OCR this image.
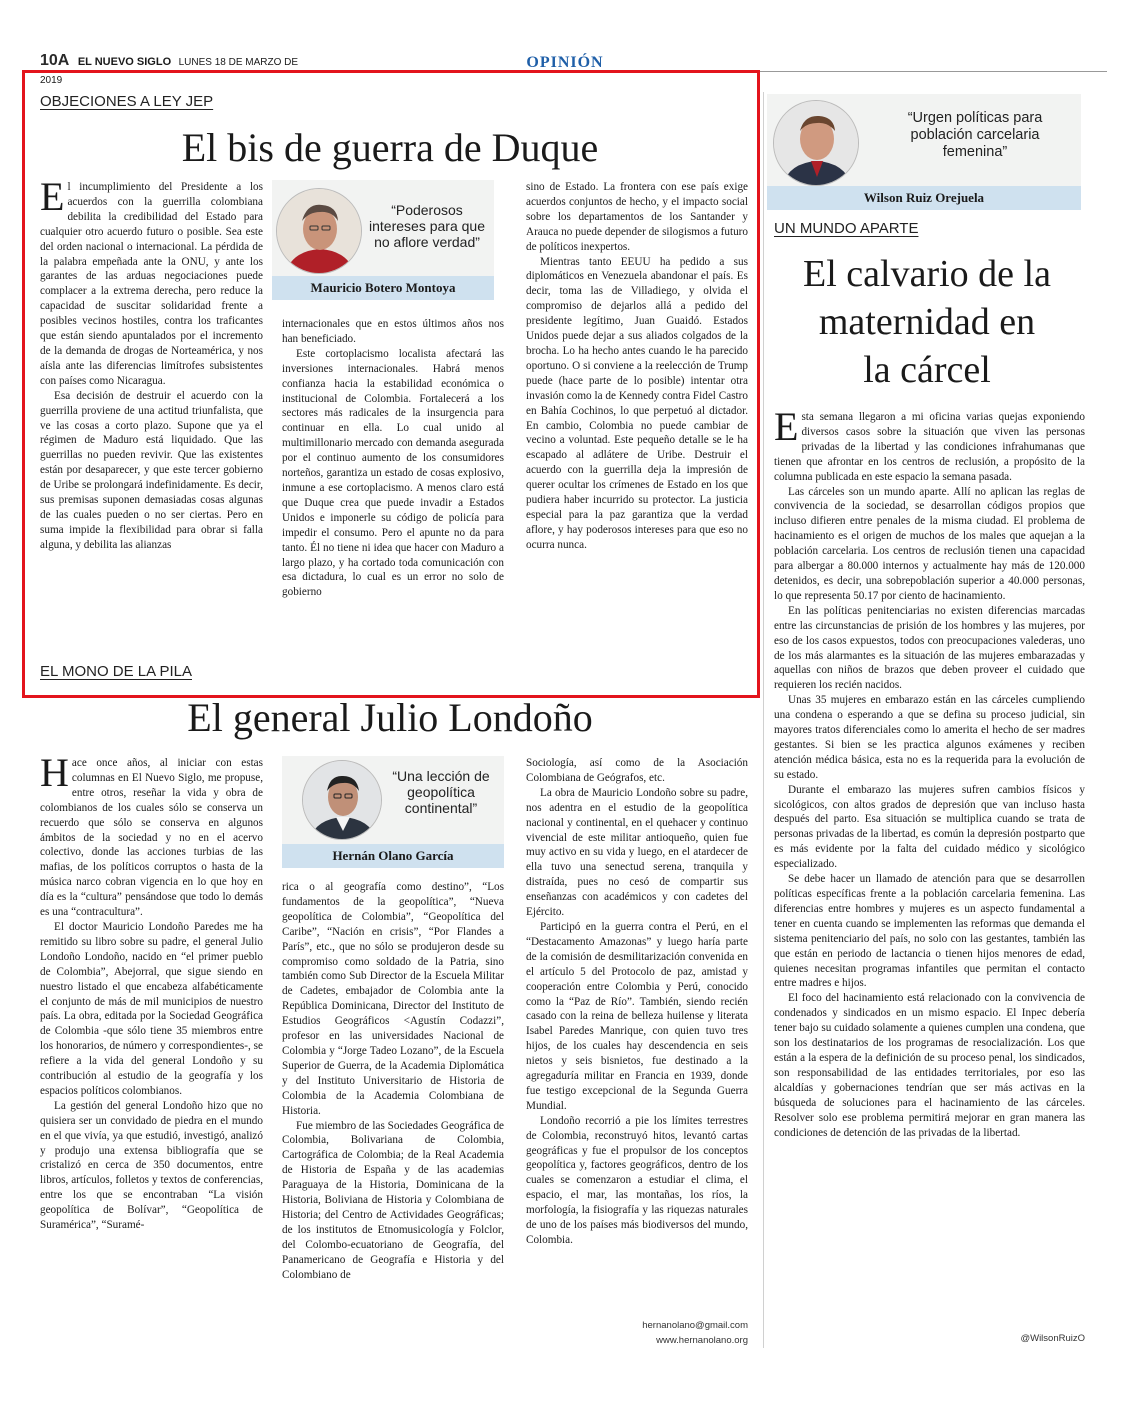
10A EL NUEVO SIGLO LUNES 18 DE MARZO DE 2019
OPINIÓN
OBJECIONES A LEY JEP
El bis de guerra de Duque

El incumplimiento del Presidente a los acuerdos con la guerrilla colombiana debilita la credibilidad del Estado para cualquier otro acuerdo futuro o posible. Sea este del orden nacional o internacional. La pérdida de la palabra empeñada ante la ONU, y ante los garantes de las arduas negociaciones puede complacer a la extrema derecha, pero reduce la capacidad de suscitar solidaridad frente a posibles vecinos hostiles, contra los traficantes que están siendo apuntalados por el incremento de la demanda de drogas de Norteamérica, y nos aísla ante las diferencias limítrofes subsistentes con países como Nicaragua.

Esa decisión de destruir el acuerdo con la guerrilla proviene de una actitud triunfalista, que ve las cosas a corto plazo. Supone que ya el régimen de Maduro está liquidado. Que las guerrillas no pueden revivir. Que las existentes están por desaparecer, y que este tercer gobierno de Uribe se prolongará indefinidamente. Es decir, sus premisas suponen demasiadas cosas algunas de las cuales pueden o no ser ciertas. Pero en suma impide la flexibilidad para obrar si falla alguna, y debilita las alianzas

“Poderosos intereses para que no aflore verdad”
Mauricio Botero Montoya

internacionales que en estos últimos años nos han beneficiado.

Este cortoplacismo localista afectará las inversiones internacionales. Habrá menos confianza hacia la estabilidad económica o institucional de Colombia. Fortalecerá a los sectores más radicales de la insurgencia para continuar en ella. Lo cual unido al multimillonario mercado con demanda asegurada por el continuo aumento de los consumidores norteños, garantiza un estado de cosas explosivo, inmune a ese cortoplacismo. A menos claro está que Duque crea que puede invadir a Estados Unidos e imponerle su código de policía para impedir el consumo. Pero el apunte no da para tanto. Él no tiene ni idea que hacer con Maduro a largo plazo, y ha cortado toda comunicación con esa dictadura, lo cual es un error no solo de gobierno

sino de Estado. La frontera con ese país exige acuerdos conjuntos de hecho, y el impacto social sobre los departamentos de los Santander y Arauca no puede depender de silogismos a futuro de políticos inexpertos.

Mientras tanto EEUU ha pedido a sus diplomáticos en Venezuela abandonar el país. Es decir, toma las de Villadiego, y olvida el compromiso de dejarlos allá a pedido del presidente legítimo, Juan Guaidó. Estados Unidos puede dejar a sus aliados colgados de la brocha. Lo ha hecho antes cuando le ha parecido oportuno. O si conviene a la reelección de Trump puede (hace parte de lo posible) intentar otra invasión como la de Kennedy contra Fidel Castro en Bahía Cochinos, lo que perpetuó al dictador. En cambio, Colombia no puede cambiar de vecino a voluntad. Este pequeño detalle se le ha escapado al adlátere de Uribe. Destruir el acuerdo con la guerrilla deja la impresión de querer ocultar los crímenes de Estado en los que pudiera haber incurrido su protector. La justicia especial para la paz garantiza que la verdad aflore, y hay poderosos intereses para que eso no ocurra nunca.

EL MONO DE LA PILA
El general Julio Londoño

Hace once años, al iniciar con estas columnas en El Nuevo Siglo, me propuse, entre otros, reseñar la vida y obra de colombianos de los cuales sólo se conserva un recuerdo que sólo se conserva en algunos ámbitos de la sociedad y no en el acervo colectivo, donde las acciones turbias de las mafias, de los políticos corruptos o hasta de la música narco cobran vigencia en lo que hoy en día es la “cultura” pensándose que todo lo demás es una “contracultura”.

El doctor Mauricio Londoño Paredes me ha remitido su libro sobre su padre, el general Julio Londoño Londoño, nacido en “el primer pueblo de Colombia”, Abejorral, que sigue siendo en nuestro listado el que encabeza alfabéticamente el conjunto de más de mil municipios de nuestro país. La obra, editada por la Sociedad Geográfica de Colombia -que sólo tiene 35 miembros entre los honorarios, de número y correspondientes-, se refiere a la vida del general Londoño y su contribución al estudio de la geografía y los espacios políticos colombianos.

La gestión del general Londoño hizo que no quisiera ser un convidado de piedra en el mundo en el que vivía, ya que estudió, investigó, analizó y produjo una extensa bibliografía que se cristalizó en cerca de 350 documentos, entre libros, artículos, folletos y textos de conferencias, entre los que se encontraban “La visión geopolítica de Bolívar”, “Geopolítica de Suramérica”, “Suramé-

“Una lección de geopolítica continental”
Hernán Olano García

rica o al geografía como destino”, “Los fundamentos de la geopolítica”, “Nueva geopolítica de Colombia”, “Geopolítica del Caribe”, “Nación en crisis”, “Por Flandes a París”, etc., que no sólo se produjeron desde su compromiso como soldado de la Patria, sino también como Sub Director de la Escuela Militar de Cadetes, embajador de Colombia ante la República Dominicana, Director del Instituto de Estudios Geográficos <Agustín Codazzi”, profesor en las universidades Nacional de Colombia y “Jorge Tadeo Lozano”, de la Escuela Superior de Guerra, de la Academia Diplomática y del Instituto Universitario de Historia de Colombia de la Academia Colombiana de Historia.

Fue miembro de las Sociedades Geográfica de Colombia, Bolivariana de Colombia, Cartográfica de Colombia; de la Real Academia de Historia de España y de las academias Paraguaya de la Historia, Dominicana de la Historia, Boliviana de Historia y Colombiana de Historia; del Centro de Actividades Geográficas; de los institutos de Etnomusicología y Folclor, del Colombo-ecuatoriano de Geografía, del Panamericano de Geografía e Historia y del Colombiano de

Sociología, así como de la Asociación Colombiana de Geógrafos, etc.

La obra de Mauricio Londoño sobre su padre, nos adentra en el estudio de la geopolítica nacional y continental, en el quehacer y continuo vivencial de este militar antioqueño, quien fue muy activo en su vida y luego, en el atardecer de ella tuvo una senectud serena, tranquila y distraída, pues no cesó de compartir sus enseñanzas con académicos y con cadetes del Ejército.

Participó en la guerra contra el Perú, en el “Destacamento Amazonas” y luego haría parte de la comisión de desmilitarización convenida en el artículo 5 del Protocolo de paz, amistad y cooperación entre Colombia y Perú, conocido como la “Paz de Río”. También, siendo recién casado con la reina de belleza huilense y literata Isabel Paredes Manrique, con quien tuvo tres hijos, de los cuales hay descendencia en seis nietos y seis bisnietos, fue destinado a la agregaduría militar en Francia en 1939, donde fue testigo excepcional de la Segunda Guerra Mundial.

Londoño recorrió a pie los límites terrestres de Colombia, reconstruyó hitos, levantó cartas geográficas y fue el propulsor de los conceptos geopolítica y, factores geográficos, dentro de los cuales se comenzaron a estudiar el clima, el espacio, el mar, las montañas, los ríos, la morfología, la fisiografía y las riquezas naturales de uno de los países más biodiversos del mundo, Colombia.

hernanolano@gmail.com
www.hernanolano.org
“Urgen políticas para población carcelaria femenina”
Wilson Ruiz Orejuela
UN MUNDO APARTE
El calvario de la
maternidad en
la cárcel

Esta semana llegaron a mi oficina varias quejas exponiendo diversos casos sobre la situación que viven las personas privadas de la libertad y las condiciones infrahumanas que tienen que afrontar en los centros de reclusión, a propósito de la columna publicada en este espacio la semana pasada.

Las cárceles son un mundo aparte. Allí no aplican las reglas de convivencia de la sociedad, se desarrollan códigos propios que incluso difieren entre penales de la misma ciudad. El problema de hacinamiento es el origen de muchos de los males que aquejan a la población carcelaria. Los centros de reclusión tienen una capacidad para albergar a 80.000 internos y actualmente hay más de 120.000 detenidos, es decir, una sobrepoblación superior a 40.000 personas, lo que representa 50.17 por ciento de hacinamiento.

En las políticas penitenciarias no existen diferencias marcadas entre las circunstancias de prisión de los hombres y las mujeres, por eso de los casos expuestos, todos con preocupaciones valederas, uno de los más alarmantes es la situación de las mujeres embarazadas y aquellas con niños de brazos que deben proveer el cuidado que requieren los recién nacidos.

Unas 35 mujeres en embarazo están en las cárceles cumpliendo una condena o esperando a que se defina su proceso judicial, sin mayores tratos diferenciales como lo amerita el hecho de ser madres gestantes. Si bien se les practica algunos exámenes y reciben atención médica básica, esta no es la requerida para la evolución de su estado.

Durante el embarazo las mujeres sufren cambios físicos y sicológicos, con altos grados de depresión que van incluso hasta después del parto. Esa situación se multiplica cuando se trata de personas privadas de la libertad, es común la depresión postparto que es más evidente por la falta del cuidado médico y sicológico especializado.

Se debe hacer un llamado de atención para que se desarrollen políticas específicas frente a la población carcelaria femenina. Las diferencias entre hombres y mujeres es un aspecto fundamental a tener en cuenta cuando se implementen las reformas que demanda el sistema penitenciario del país, no solo con las gestantes, también las que están en periodo de lactancia o tienen hijos menores de edad, quienes necesitan programas infantiles que permitan el contacto entre madres e hijos.

El foco del hacinamiento está relacionado con la convivencia de condenados y sindicados en un mismo espacio. El Inpec debería tener bajo su cuidado solamente a quienes cumplen una condena, que son los destinatarios de los programas de resocialización. Los que están a la espera de la definición de su proceso penal, los sindicados, son responsabilidad de las entidades territoriales, por eso las alcaldías y gobernaciones tendrían que ser más activas en la búsqueda de soluciones para el hacinamiento de las cárceles. Resolver solo ese problema permitirá mejorar en gran manera las condiciones de detención de las privadas de la libertad.

@WilsonRuizO
